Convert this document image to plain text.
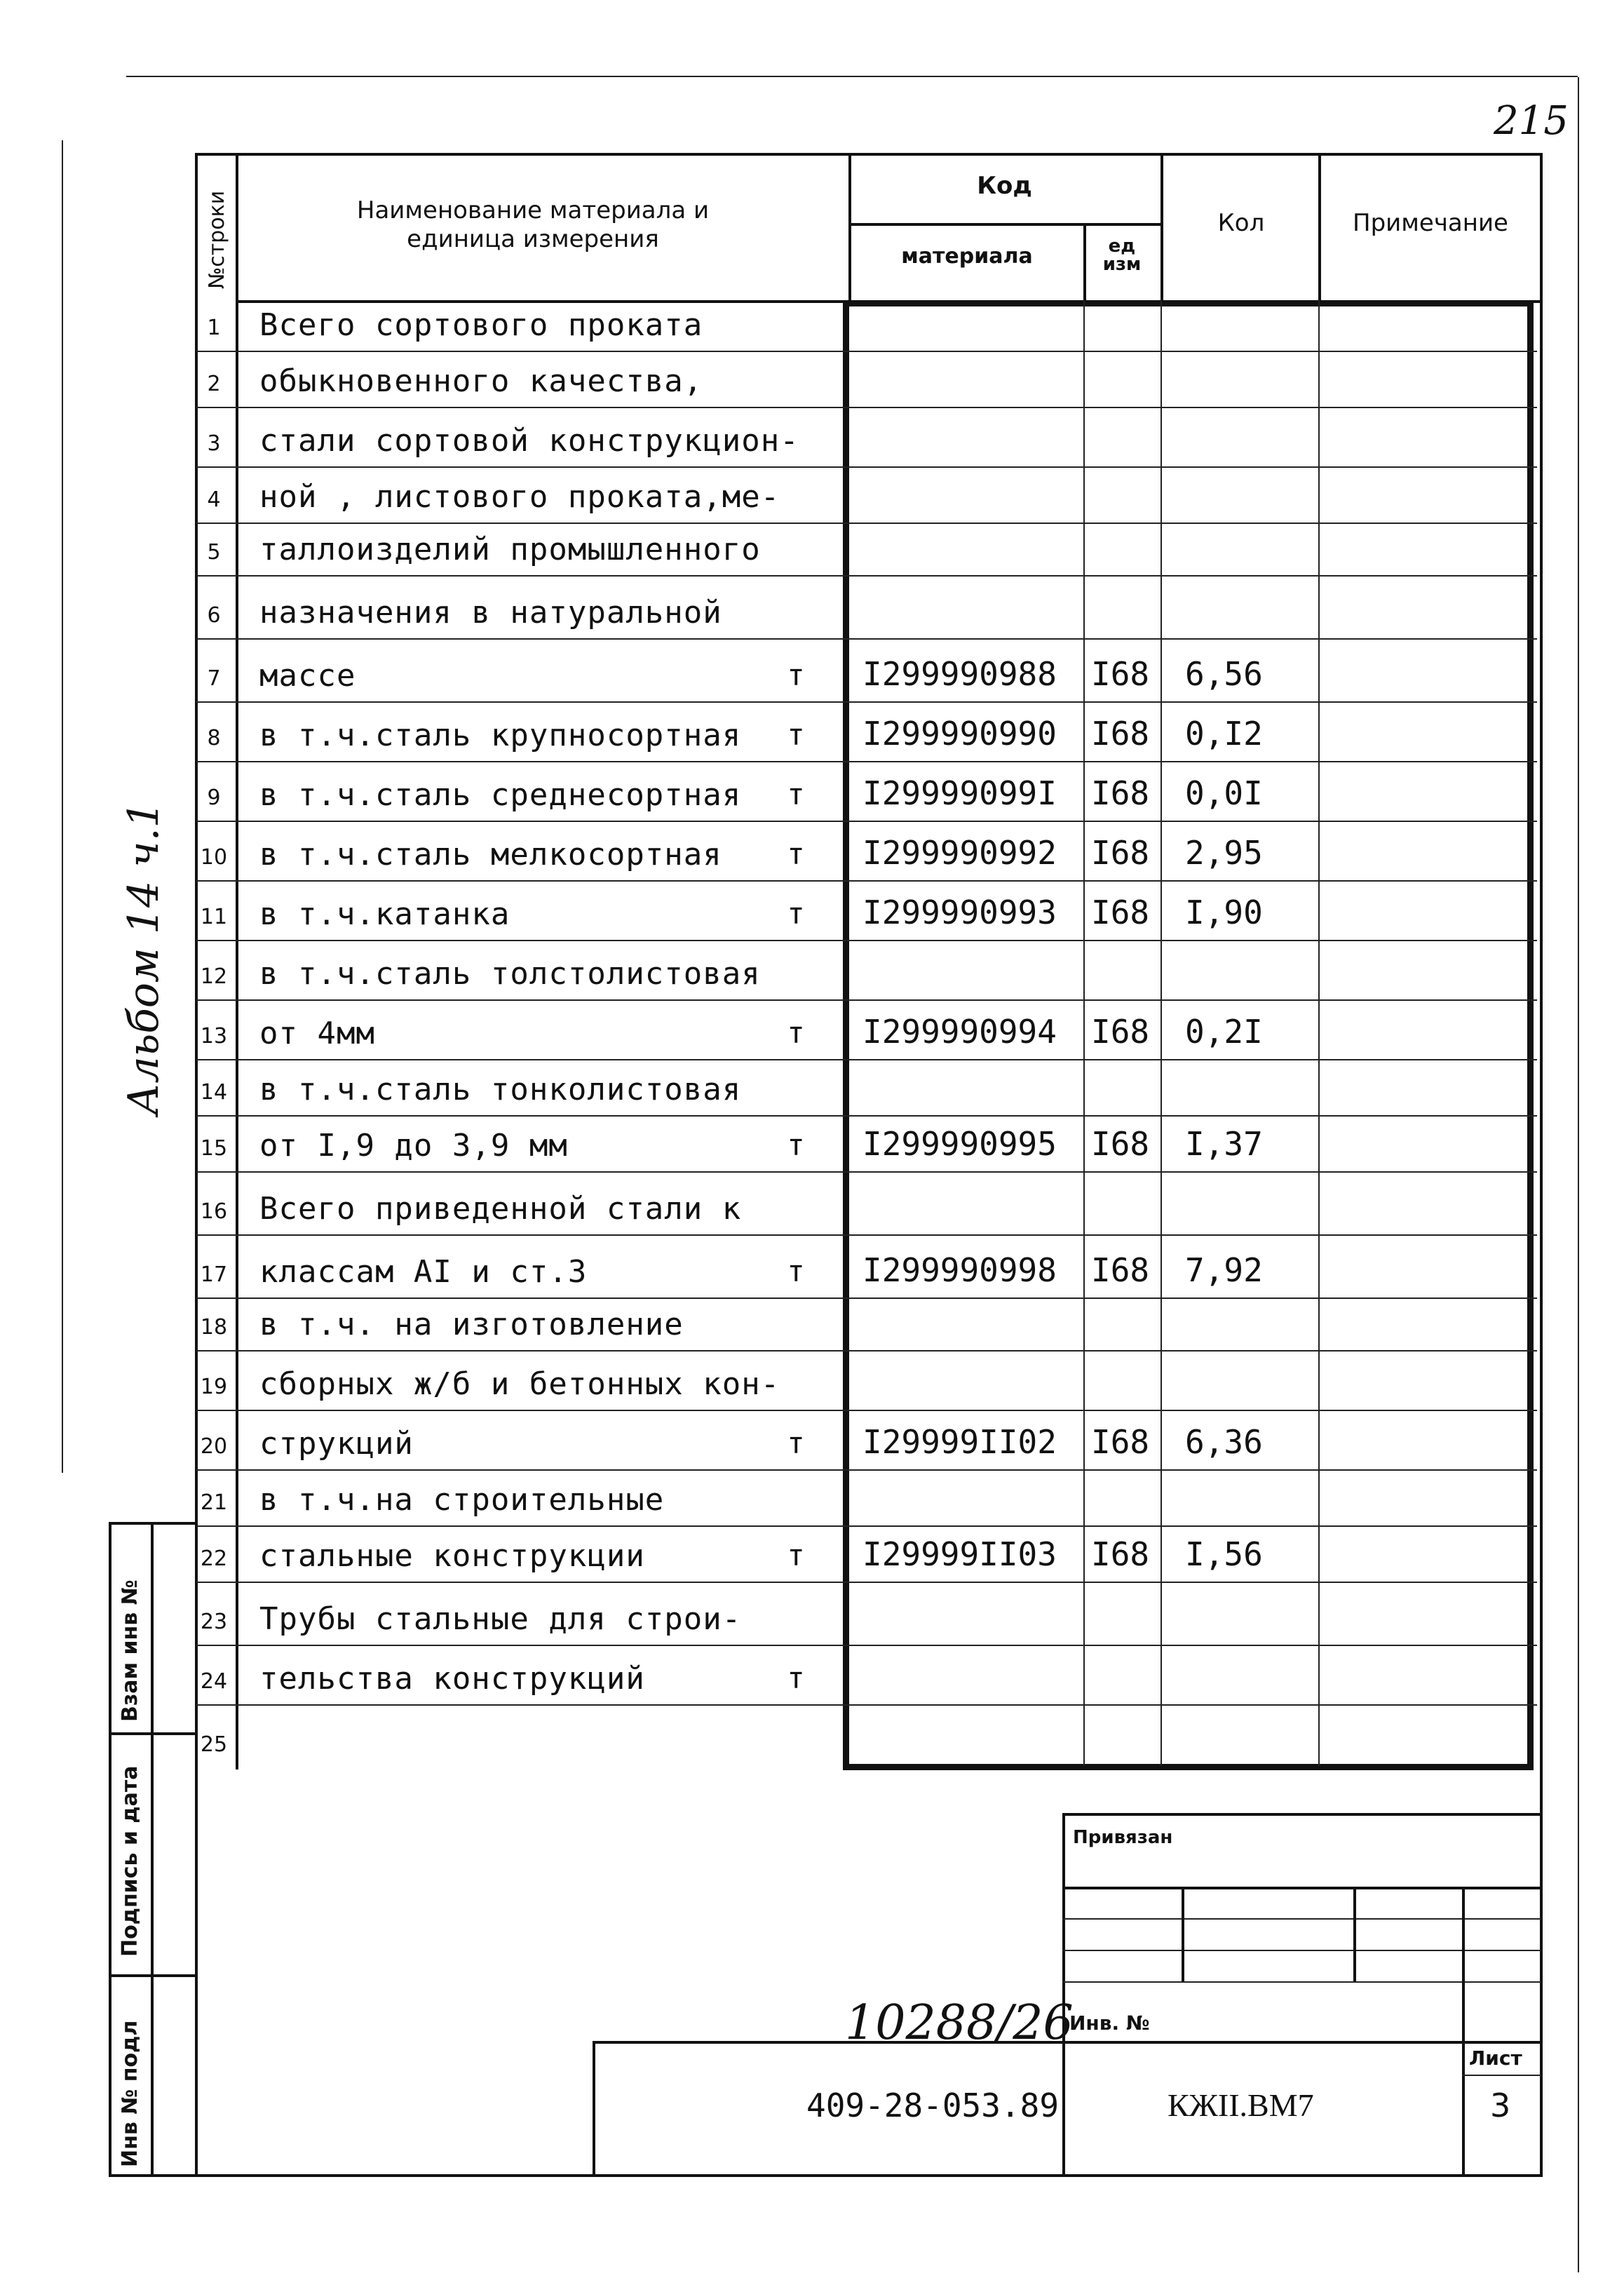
215
№строки	Наименование материала и единица измерения
Код
материала	ед изм
Кол	Примечание
1	Всего сортового проката
2	обыкновенного качества,
3	стали сортовой конструкцион-
4	ной , листового проката,ме-
5	таллоизделий промышленного
6	назначения в натуральной
7	массе	т I299990988 I68 6,56
8	в т.ч.сталь крупносортная т I299990990 I68 0,I2
9	в т.ч.сталь среднесортная т I29999099I I68 0,0I
10 в т.ч.сталь мелкосортная т I299990992 I68 2,95
11 в т.ч.катанка	т I299990993 I68 I,90
12 в т.ч.сталь толстолистовая
13 от 4мм	т I299990994 I68 0,2I
14 в т.ч.сталь тонколистовая
15 от I,9 до 3,9 мм	т I299990995 I68 I,37
16 Всего приведенной стали к
17 классам AI и ст.3	т I299990998 I68 7,92
18 в т.ч. на изготовление
19 сборных ж/б и бетонных кон-
20 струкций	т I29999II02 I68 6,36
21 в т.ч.на строительные
22 стальные конструкции	т I29999II03 I68 I,56
23 Трубы стальные для строи-
24 тельства конструкций	т
25
Альбом 14 ч.1
Взам инв №
Подпись и дата
Инв № подл
Привязан
Инв. №
10288/26
Лист
3
409-28-053.89	КЖII.ВМ7
